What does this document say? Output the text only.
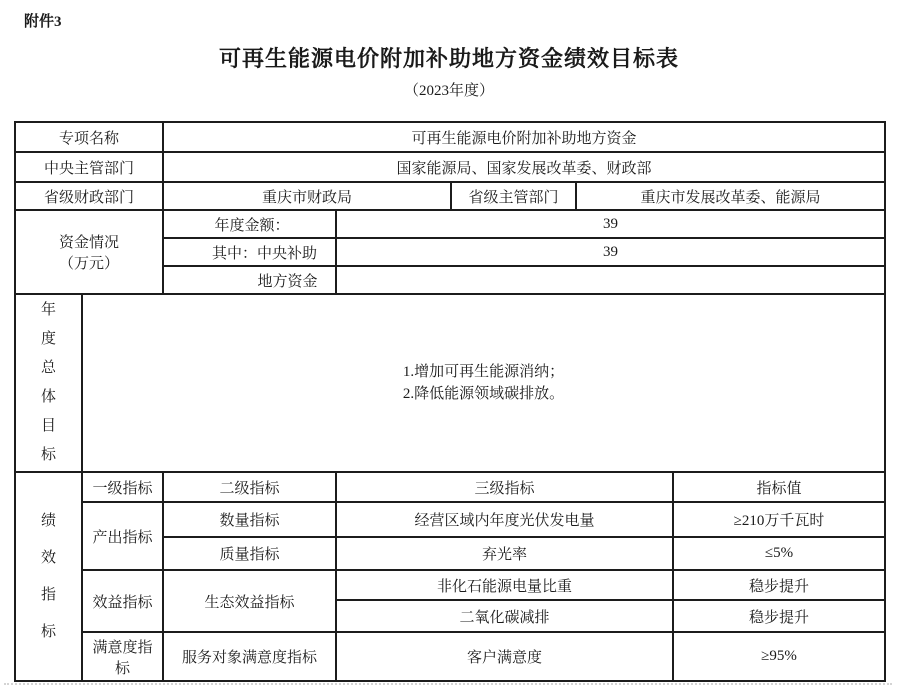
附件3
可再生能源电价附加补助地方资金绩效目标表
（2023年度）
专项名称		可再生能源电价附加补助地方资金				
中央主管部门		国家能源局、国家发展改革委、财政部				
省级财政部门		重庆市财政局		省级主管部门	重庆市发展改革委、能源局	

资金情况
（万元）		年度金额：	39			
		其中：中央补助	39			
		地方资金				

年度总体目标	1.增加可再生能源消纳；
2.降低能源领域碳排放。					

绩效指标	一级指标	二级指标	三级指标			指标值
	产出指标	数量指标	经营区域内年度光伏发电量			≥210万千瓦时
		质量指标	弃光率			≤5%
	效益指标	生态效益指标	非化石能源电量比重			稳步提升
			二氧化碳减排			稳步提升
	满意度指标	服务对象满意度指标	客户满意度			≥95%
